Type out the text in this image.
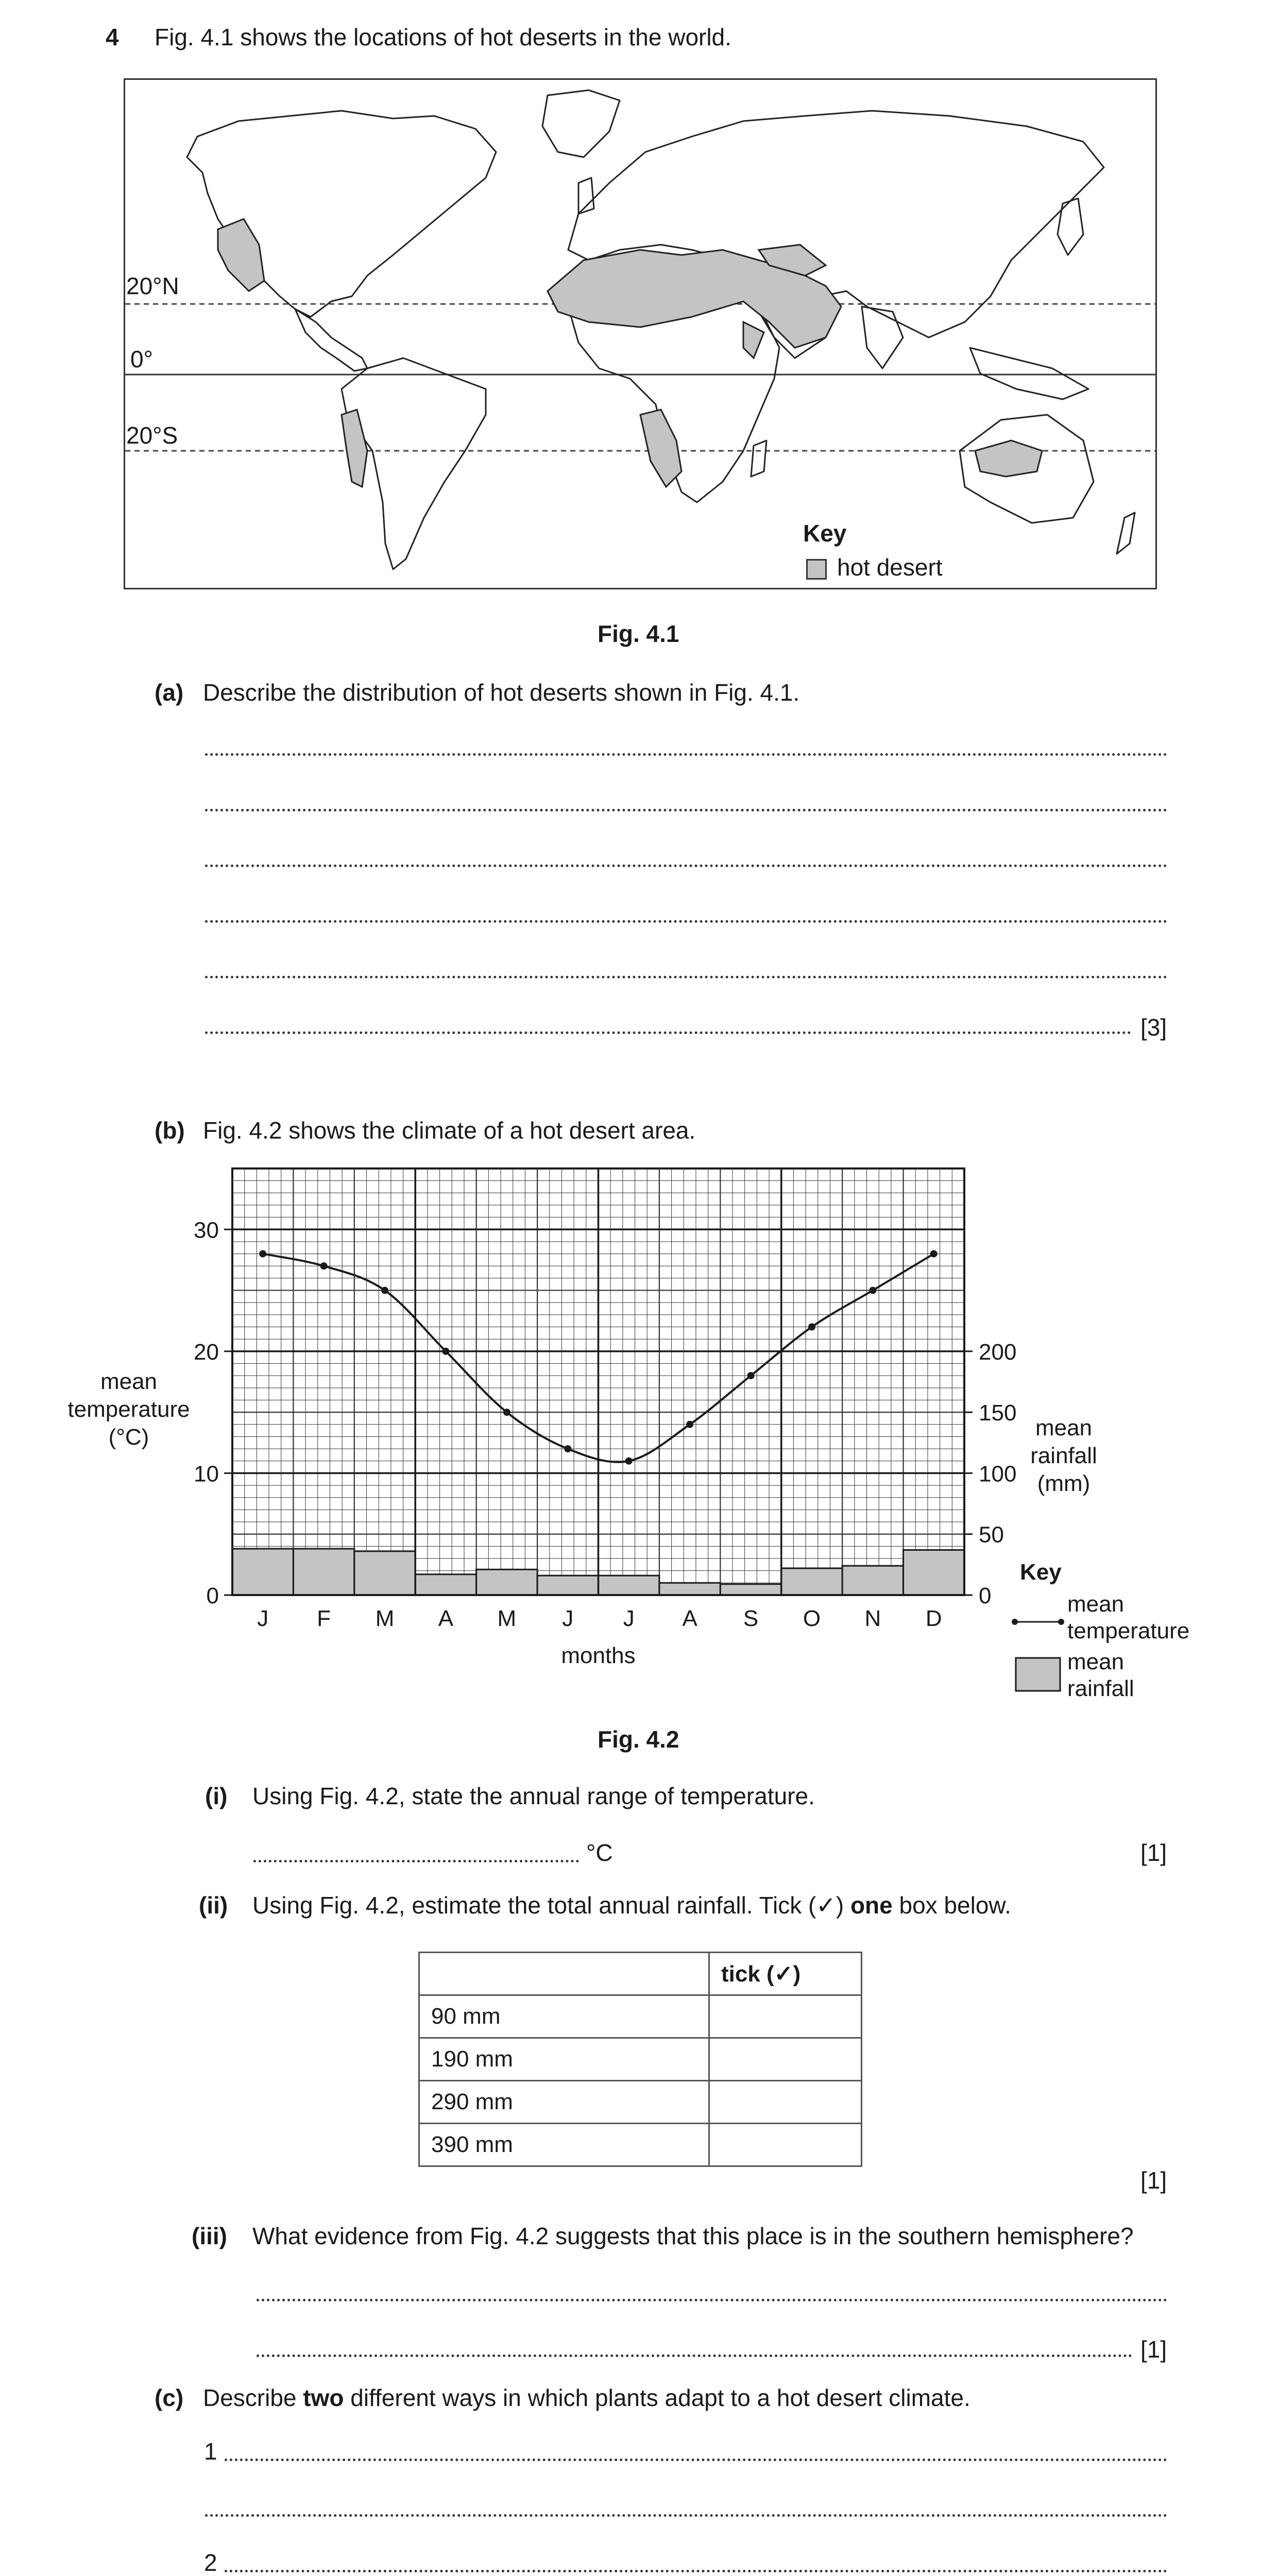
4 Fig. 4.1 shows the locations of hot deserts in the world.
20°N
0°
20°S
Key
hot desert
Fig. 4.1
(a) Describe the distribution of hot deserts shown in Fig. 4.1.
[3]
(b) Fig. 4.2 shows the climate of a hot desert area.
0
10
20
30
0
50
100
150
200
J F M A M J J A S O N D
months
mean
temperature
(°C)	mean
rainfall
(mm)
Key
mean
temperature
mean
rainfall
Fig. 4.2
(i) Using Fig. 4.2, state the annual range of temperature.
°C	[1]
(ii) Using Fig. 4.2, estimate the total annual rainfall. Tick (✓) one box below.
	tick (✓)
90 mm	
190 mm	
290 mm	
390 mm	
[1]
(iii) What evidence from Fig. 4.2 suggests that this place is in the southern hemisphere?
[1]
(c) Describe two different ways in which plants adapt to a hot desert climate.
1
2
